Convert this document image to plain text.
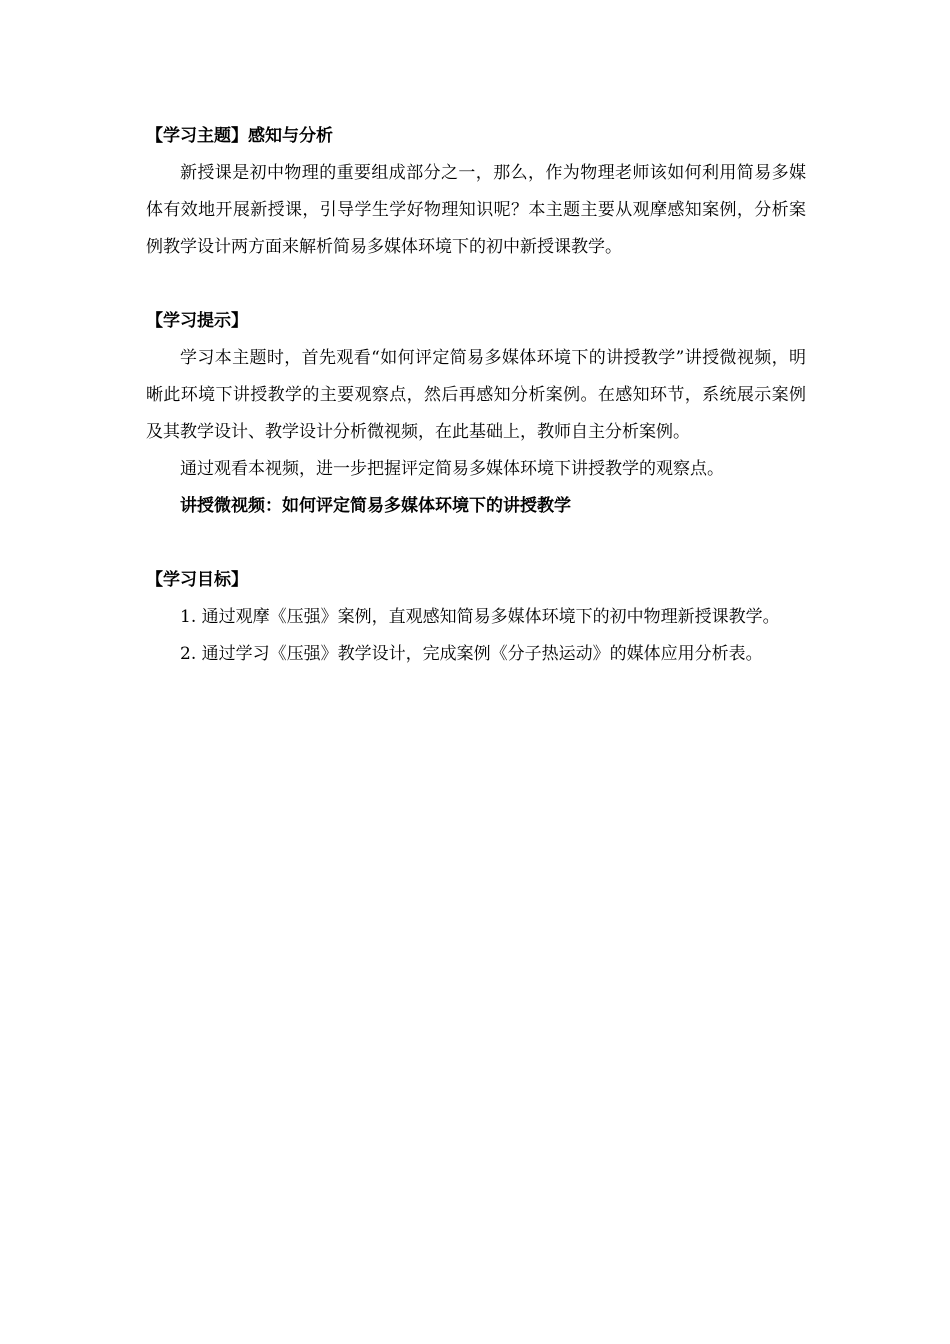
【学习主题】感知与分析

新授课是初中物理的重要组成部分之一，那么，作为物理老师该如何利用简易多媒体有效地开展新授课，引导学生学好物理知识呢？本主题主要从观摩感知案例，分析案例教学设计两方面来解析简易多媒体环境下的初中新授课教学。

【学习提示】

学习本主题时，首先观看“如何评定简易多媒体环境下的讲授教学”讲授微视频，明晰此环境下讲授教学的主要观察点，然后再感知分析案例。在感知环节，系统展示案例及其教学设计、教学设计分析微视频，在此基础上，教师自主分析案例。

通过观看本视频，进一步把握评定简易多媒体环境下讲授教学的观察点。

讲授微视频：如何评定简易多媒体环境下的讲授教学

【学习目标】

1. 通过观摩《压强》案例，直观感知简易多媒体环境下的初中物理新授课教学。

2. 通过学习《压强》教学设计，完成案例《分子热运动》的媒体应用分析表。
